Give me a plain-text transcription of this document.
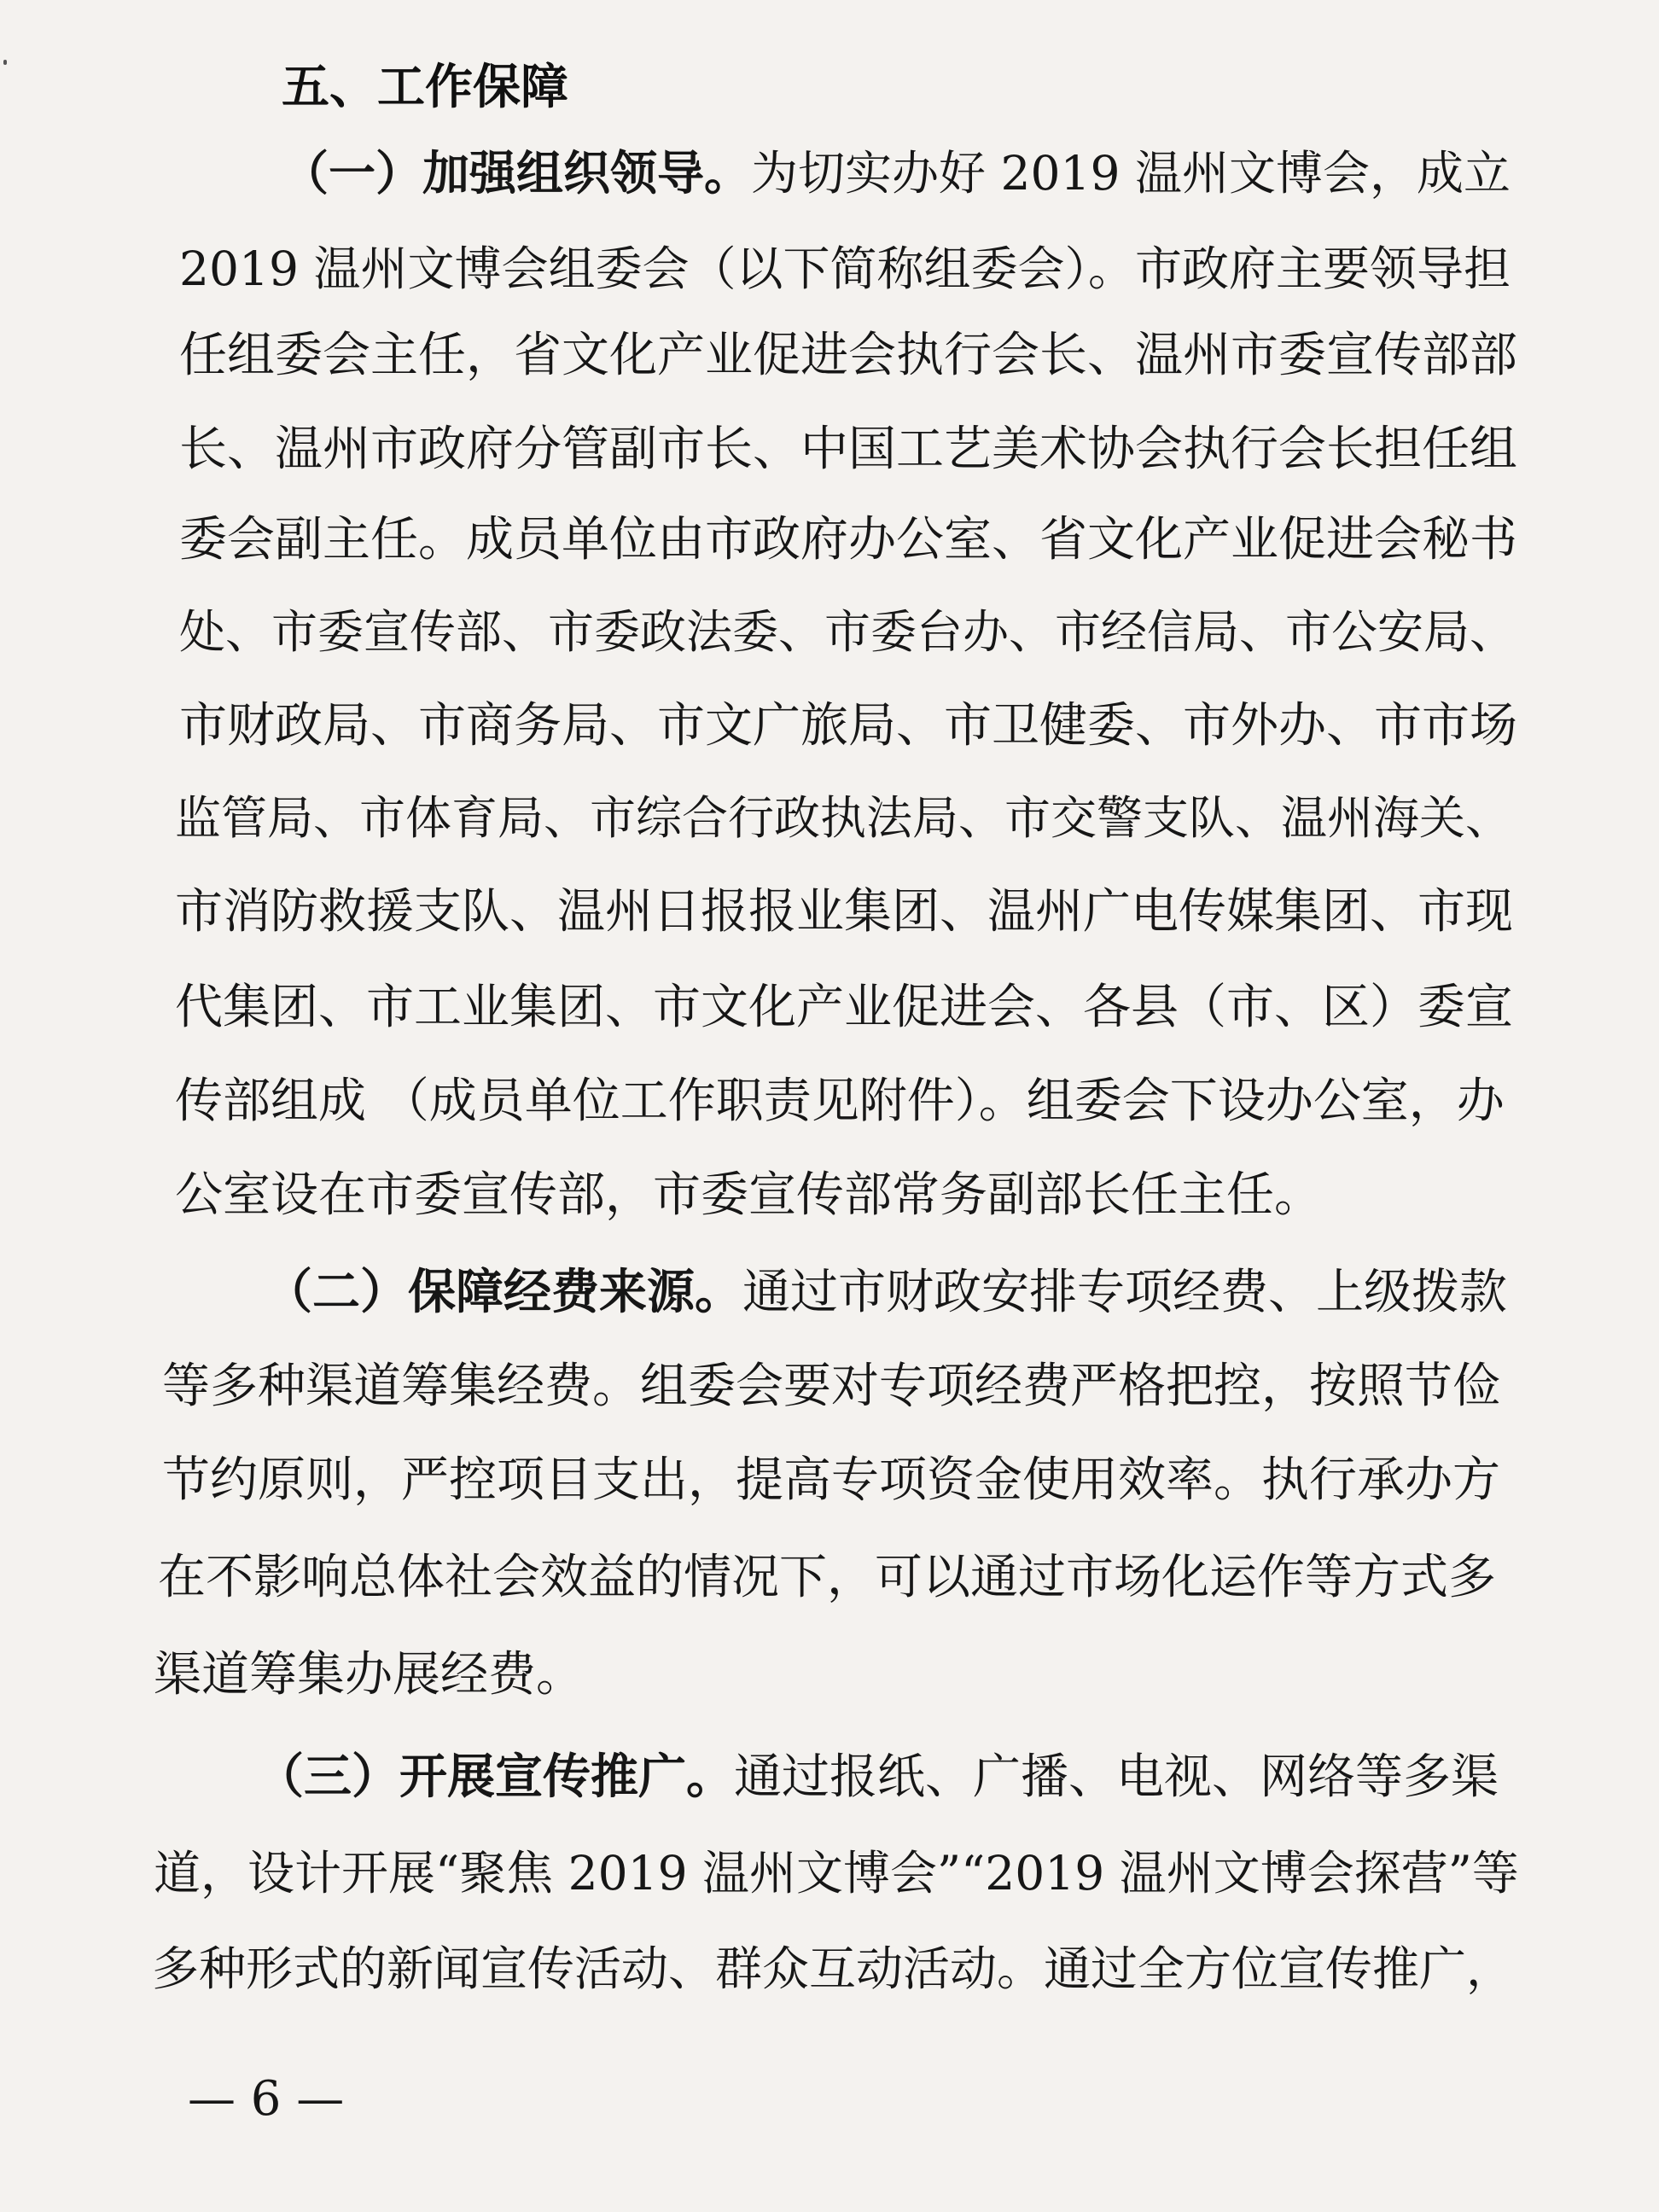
五、工作保障
（一）加强组织领导。为切实办好 2019 温州文博会，成立
2019 温州文博会组委会（以下简称组委会）。市政府主要领导担
任组委会主任，省文化产业促进会执行会长、温州市委宣传部部
长、温州市政府分管副市长、中国工艺美术协会执行会长担任组
委会副主任。成员单位由市政府办公室、省文化产业促进会秘书
处、市委宣传部、市委政法委、市委台办、市经信局、市公安局、
市财政局、市商务局、市文广旅局、市卫健委、市外办、市市场
监管局、市体育局、市综合行政执法局、市交警支队、温州海关、
市消防救援支队、温州日报报业集团、温州广电传媒集团、市现
代集团、市工业集团、市文化产业促进会、各县（市、区）委宣
传部组成 （成员单位工作职责见附件）。组委会下设办公室，办
公室设在市委宣传部，市委宣传部常务副部长任主任。
（二）保障经费来源。通过市财政安排专项经费、上级拨款
等多种渠道筹集经费。组委会要对专项经费严格把控，按照节俭
节约原则，严控项目支出，提高专项资金使用效率。执行承办方
在不影响总体社会效益的情况下，可以通过市场化运作等方式多
渠道筹集办展经费。
（三）开展宣传推广。通过报纸、广播、电视、网络等多渠
道，设计开展“聚焦 2019 温州文博会”“2019 温州文博会探营”等
多种形式的新闻宣传活动、群众互动活动。通过全方位宣传推广，
— 6 —
